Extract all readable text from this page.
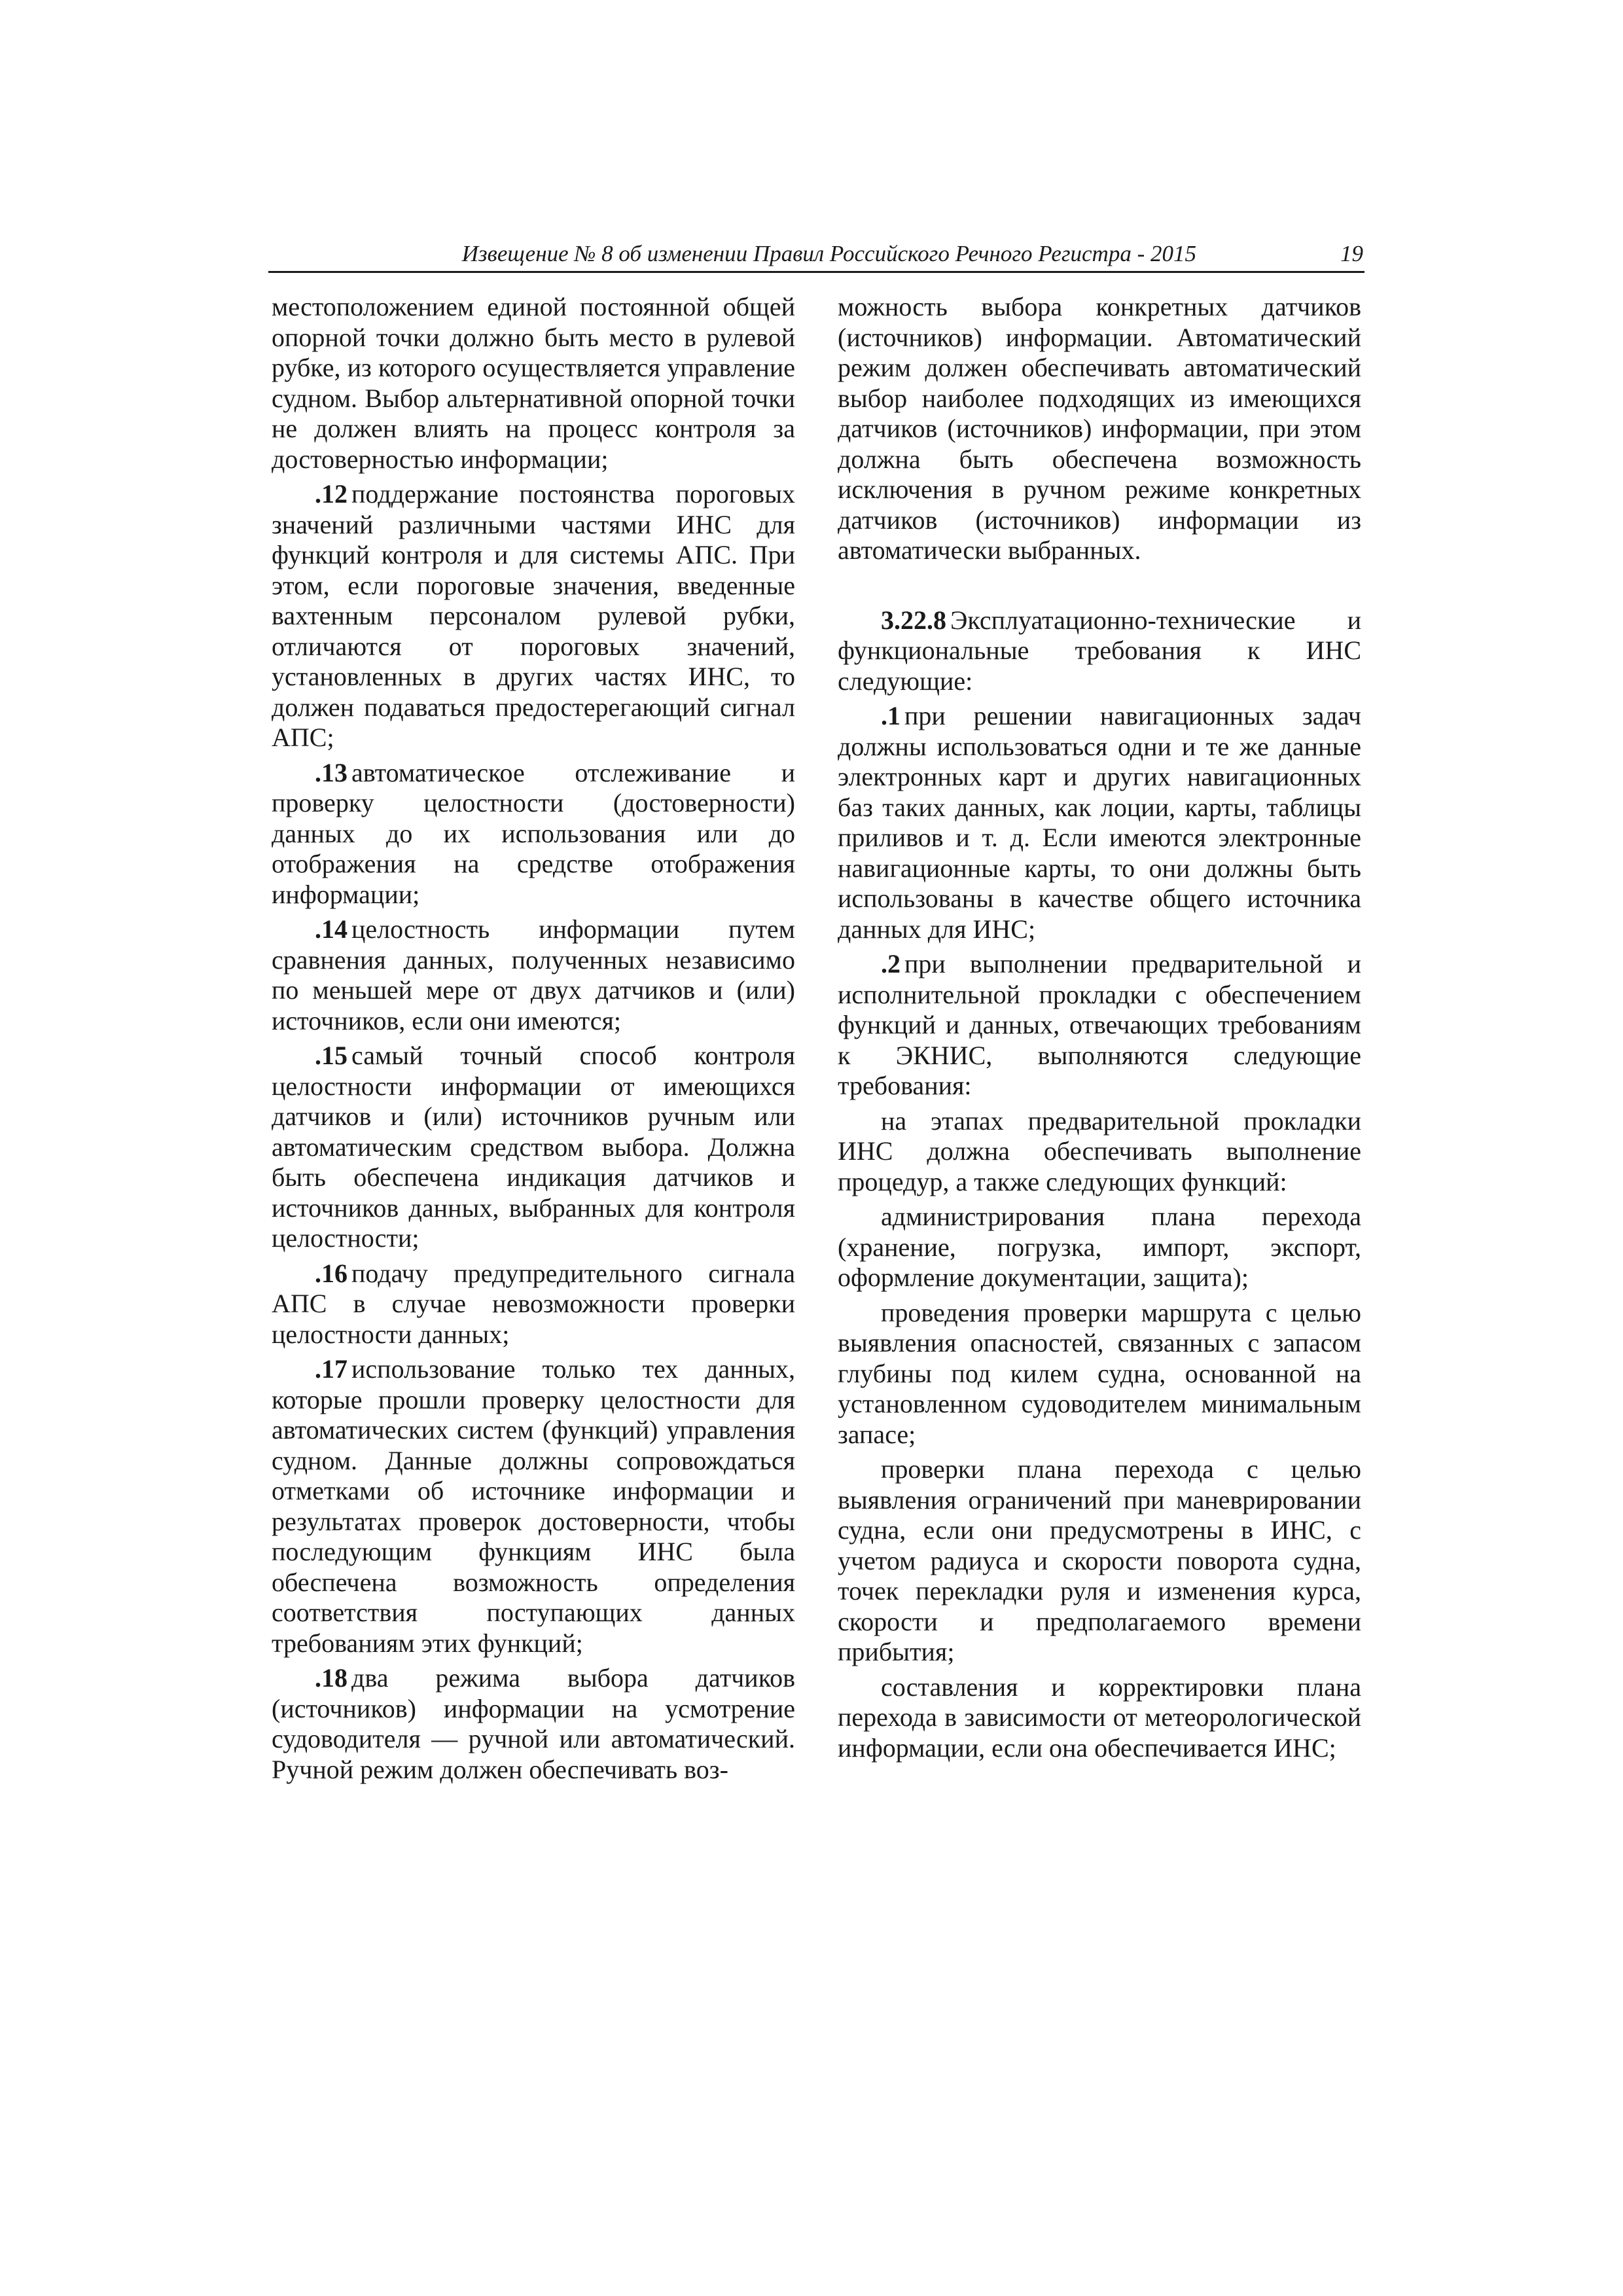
Извещение № 8 об изменении Правил Российского Речного Регистра - 2015	19

местоположением единой постоянной общей опорной точки должно быть место в рулевой рубке, из которого осуществляется управление судном. Выбор альтернативной опорной точки не должен влиять на процесс контроля за достоверностью информации;

.12 поддержание постоянства пороговых значений различными частями ИНС для функций контроля и для системы АПС. При этом, если пороговые значения, введенные вахтенным персоналом рулевой рубки, отличаются от пороговых значений, установленных в других частях ИНС, то должен подаваться предостерегающий сигнал АПС;

.13 автоматическое отслеживание и проверку целостности (достоверности) данных до их использования или до отображения на средстве отображения информации;

.14 целостность информации путем сравнения данных, полученных независимо по меньшей мере от двух датчиков и (или) источников, если они имеются;

.15 самый точный способ контроля целостности информации от имеющихся датчиков и (или) источников ручным или автоматическим средством выбора. Должна быть обеспечена индикация датчиков и источников данных, выбранных для контроля целостности;

.16 подачу предупредительного сигнала АПС в случае невозможности проверки целостности данных;

.17 использование только тех данных, которые прошли проверку целостности для автоматических систем (функций) управления судном. Данные должны сопровождаться отметками об источнике информации и результатах проверок достоверности, чтобы последующим функциям ИНС была обеспечена возможность определения соответствия поступающих данных требованиям этих функций;

.18 два режима выбора датчиков (источников) информации на усмотрение судоводителя — ручной или автоматический. Ручной режим должен обеспечивать воз-

можность выбора конкретных датчиков (источников) информации. Автоматический режим должен обеспечивать автоматический выбор наиболее подходящих из имеющихся датчиков (источников) информации, при этом должна быть обеспечена возможность исключения в ручном режиме конкретных датчиков (источников) информации из автоматически выбранных.

3.22.8 Эксплуатационно-технические и функциональные требования к ИНС следующие:

.1 при решении навигационных задач должны использоваться одни и те же данные электронных карт и других навигационных баз таких данных, как лоции, карты, таблицы приливов и т. д. Если имеются электронные навигационные карты, то они должны быть использованы в качестве общего источника данных для ИНС;

.2 при выполнении предварительной и исполнительной прокладки с обеспечением функций и данных, отвечающих требованиям к ЭКНИС, выполняются следующие требования:

на этапах предварительной прокладки ИНС должна обеспечивать выполнение процедур, а также следующих функций:

администрирования плана перехода (хранение, погрузка, импорт, экспорт, оформление документации, защита);

проведения проверки маршрута с целью выявления опасностей, связанных с запасом глубины под килем судна, основанной на установленном судоводителем минимальным запасе;

проверки плана перехода с целью выявления ограничений при маневрировании судна, если они предусмотрены в ИНС, с учетом радиуса и скорости поворота судна, точек перекладки руля и изменения курса, скорости и предполагаемого времени прибытия;

составления и корректировки плана перехода в зависимости от метеорологической информации, если она обеспечивается ИНС;
